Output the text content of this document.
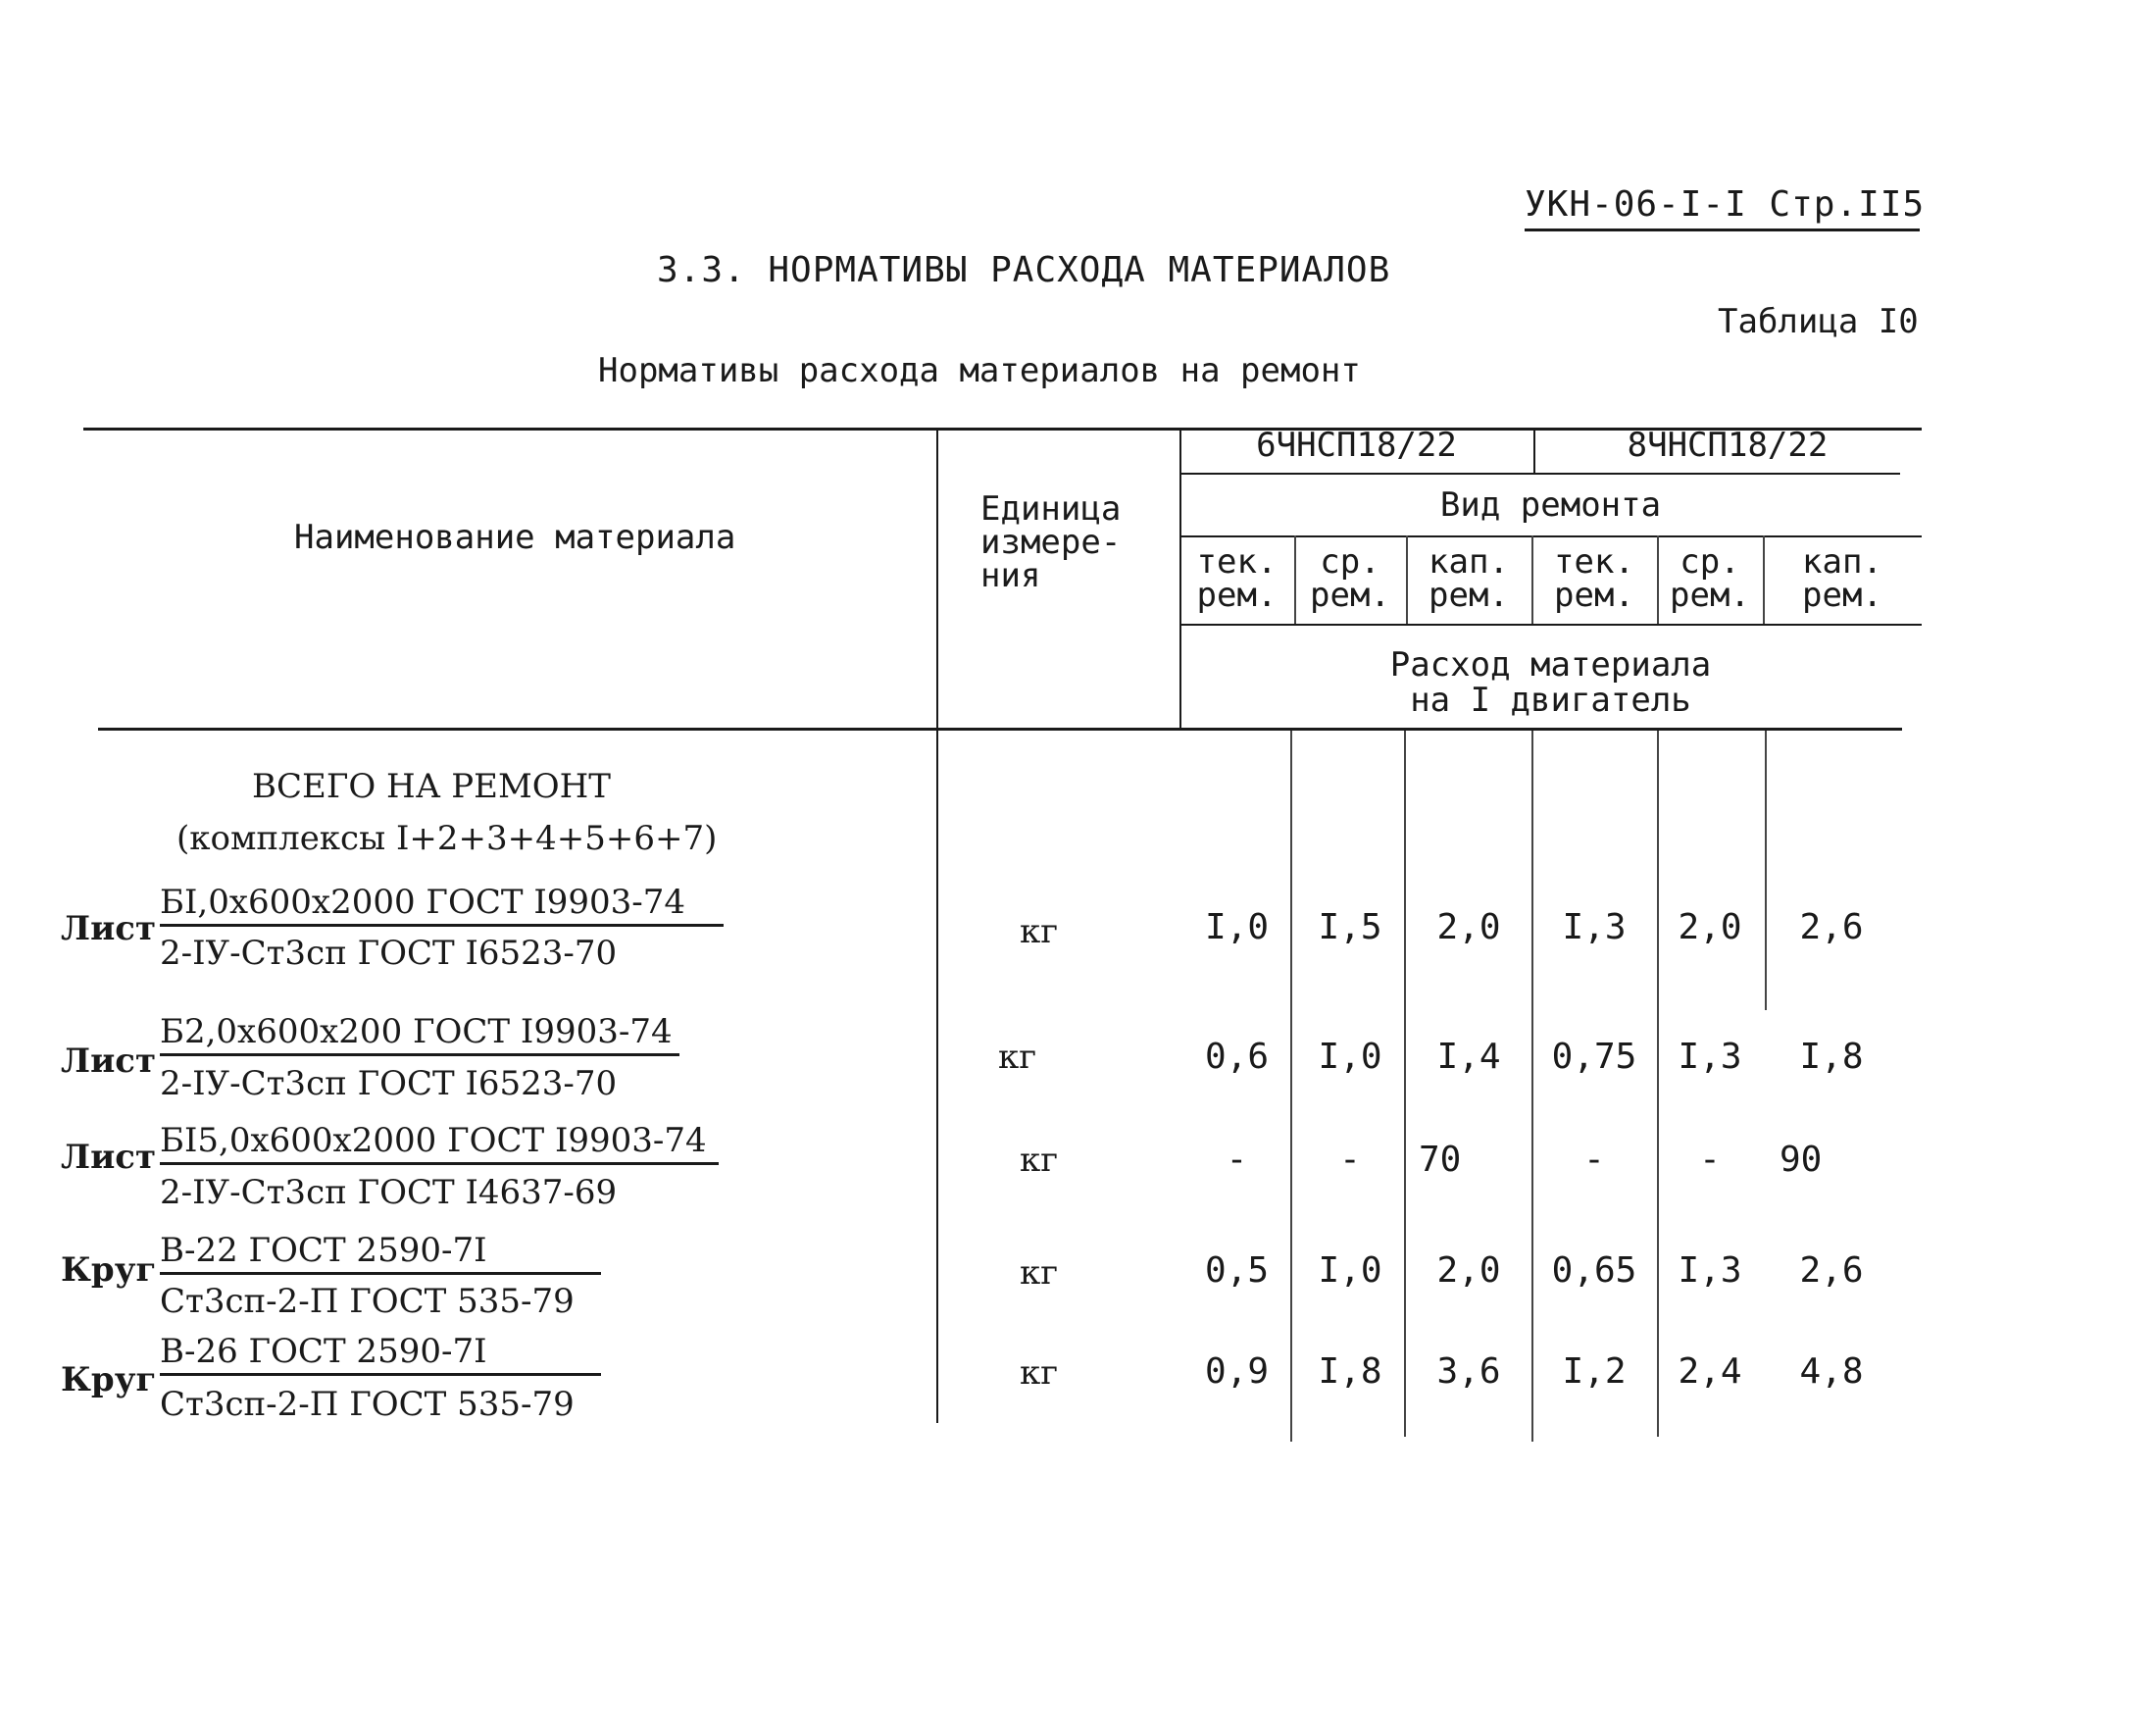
УКН-06-I-I Стр.II5
3.3. НОРМАТИВЫ РАСХОДА МАТЕРИАЛОВ
Таблица I0
Нормативы расхода материалов на ремонт
Наименование материала
Единица
измере-
ния
6ЧНСП18/22	8ЧНСП18/22
Вид ремонта
тек.
рем.
ср.
рем.
кап.
рем.
тек.
рем.
ср.
рем.
кап.
рем.
Расход материала
на I двигатель
ВСЕГО НА РЕМОНТ
(комплексы I+2+3+4+5+6+7)
Лист
БI,0х600х2000 ГОСТ I9903-74
2-IУ-Ст3сп ГОСТ I6523-70
кг	I,0	I,5	2,0	I,3	2,0	2,6
Лист
Б2,0х600х200 ГОСТ I9903-74
2-IУ-Ст3сп ГОСТ I6523-70
кг	0,6	I,0	I,4	0,75	I,3	I,8
Лист БI5,0х600х2000 ГОСТ I9903-74
2-IУ-Ст3сп ГОСТ I4637-69
кг	-	-	70	-	-	90
Круг В-22 ГОСТ 2590-7I
Ст3сп-2-П ГОСТ 535-79
кг	0,5	I,0	2,0	0,65	I,3	2,6
Круг
В-26 ГОСТ 2590-7I
Ст3сп-2-П ГОСТ 535-79
кг	0,9	I,8	3,6	I,2	2,4	4,8
